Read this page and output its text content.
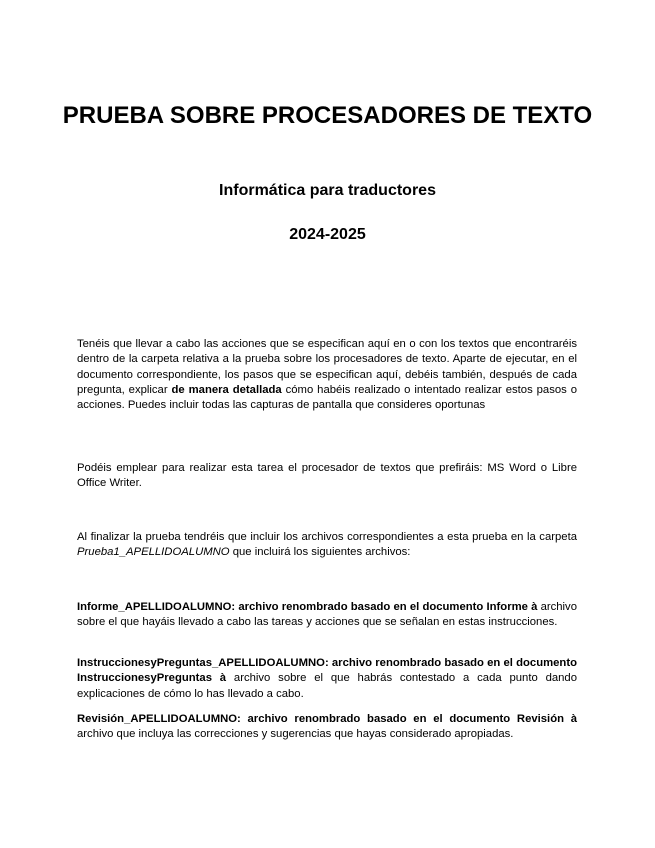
PRUEBA SOBRE PROCESADORES DE TEXTO
Informática para traductores
2024-2025

Tenéis que llevar a cabo las acciones que se especifican aquí en o con los textos que encontraréis dentro de la carpeta relativa a la prueba sobre los procesadores de texto. Aparte de ejecutar, en el documento correspondiente, los pasos que se especifican aquí, debéis también, después de cada pregunta, explicar de manera detallada cómo habéis realizado o intentado realizar estos pasos o acciones. Puedes incluir todas las capturas de pantalla que consideres oportunas

Podéis emplear para realizar esta tarea el procesador de textos que prefiráis: MS Word o Libre Office Writer.

Al finalizar la prueba tendréis que incluir los archivos correspondientes a esta prueba en la carpeta Prueba1_APELLIDOALUMNO que incluirá los siguientes archivos:

Informe_APELLIDOALUMNO: archivo renombrado basado en el documento Informe à archivo sobre el que hayáis llevado a cabo las tareas y acciones que se señalan en estas instrucciones.

InstruccionesyPreguntas_APELLIDOALUMNO: archivo renombrado basado en el documento InstruccionesyPreguntas à archivo sobre el que habrás contestado a cada punto dando explicaciones de cómo lo has llevado a cabo.

Revisión_APELLIDOALUMNO: archivo renombrado basado en el documento Revisión à archivo que incluya las correcciones y sugerencias que hayas considerado apropiadas.
